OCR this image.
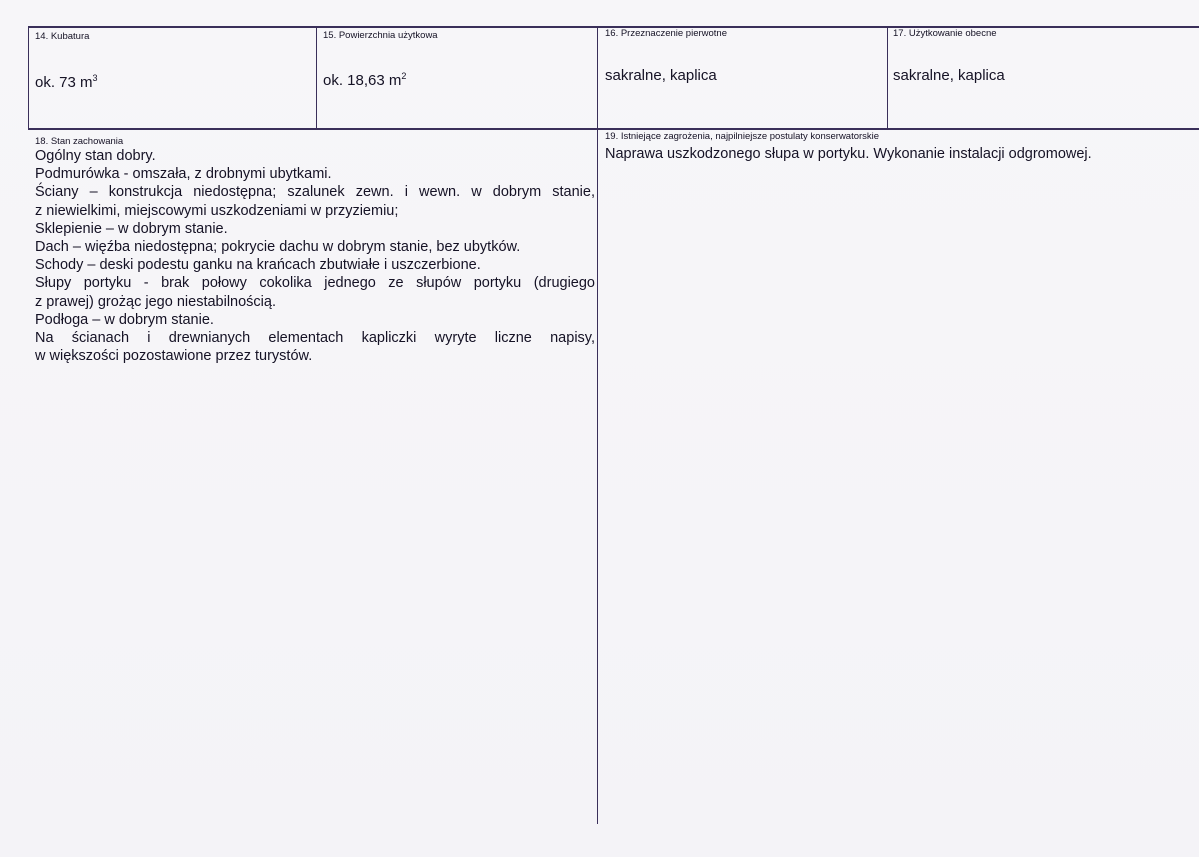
14. Kubatura
ok. 73 $m^3$
15. Powierzchnia użytkowa
ok. 18,63 $m^2$
16. Przeznaczenie pierwotne
sakralne, kaplica
17. Użytkowanie obecne
sakralne, kaplica
18. Stan zachowania
Ogólny stan dobry.
Podmurówka - omszała, z drobnymi ubytkami.
Ściany – konstrukcja niedostępna; szalunek zewn. i wewn. w dobrym stanie,
z niewielkimi, miejscowymi uszkodzeniami w przyziemiu;
Sklepienie – w dobrym stanie.
Dach – więźba niedostępna; pokrycie dachu w dobrym stanie, bez ubytków.
Schody – deski podestu ganku na krańcach zbutwiałe i uszczerbione.
Słupy portyku - brak połowy cokolika jednego ze słupów portyku (drugiego
z prawej) grożąc jego niestabilnością.
Podłoga – w dobrym stanie.
Na ścianach i drewnianych elementach kapliczki wyryte liczne napisy,
w większości pozostawione przez turystów.
19. Istniejące zagrożenia, najpilniejsze postulaty konserwatorskie
Naprawa uszkodzonego słupa w portyku. Wykonanie instalacji odgromowej.
